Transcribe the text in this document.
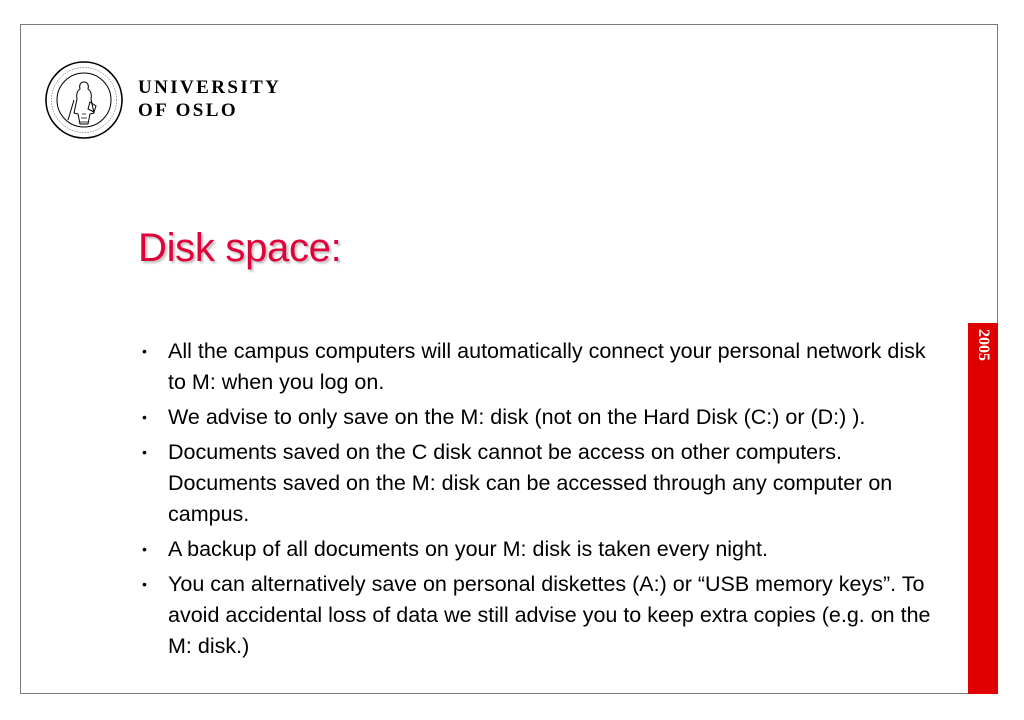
UNIVERSITY
OF OSLO
Disk space:
• All the campus computers will automatically connect your personal network disk to M: when you log on.
• We advise to only save on the M: disk (not on the Hard Disk (C:) or (D:) ).
• Documents saved on the C disk cannot be access on other computers. Documents saved on the M: disk can be accessed through any computer on campus.
• A backup of all documents on your M: disk is taken every night.
• You can alternatively save on personal diskettes (A:) or “USB memory keys”. To avoid accidental loss of data we still advise you to keep extra copies (e.g. on the M: disk.)
2005
